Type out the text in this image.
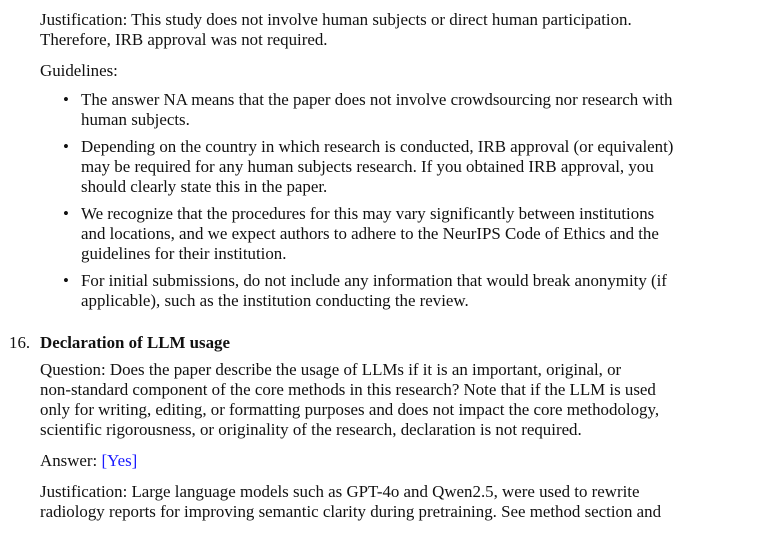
Justification: This study does not involve human subjects or direct human participation.
Therefore, IRB approval was not required.

Guidelines:

• The answer NA means that the paper does not involve crowdsourcing nor research with
human subjects.
• Depending on the country in which research is conducted, IRB approval (or equivalent)
may be required for any human subjects research. If you obtained IRB approval, you
should clearly state this in the paper.
• We recognize that the procedures for this may vary significantly between institutions
and locations, and we expect authors to adhere to the NeurIPS Code of Ethics and the
guidelines for their institution.
• For initial submissions, do not include any information that would break anonymity (if
applicable), such as the institution conducting the review.
16. Declaration of LLM usage

Question: Does the paper describe the usage of LLMs if it is an important, original, or
non-standard component of the core methods in this research? Note that if the LLM is used
only for writing, editing, or formatting purposes and does not impact the core methodology,
scientific rigorousness, or originality of the research, declaration is not required.

Answer: [Yes]

Justification: Large language models such as GPT-4o and Qwen2.5, were used to rewrite
radiology reports for improving semantic clarity during pretraining. See method section and
